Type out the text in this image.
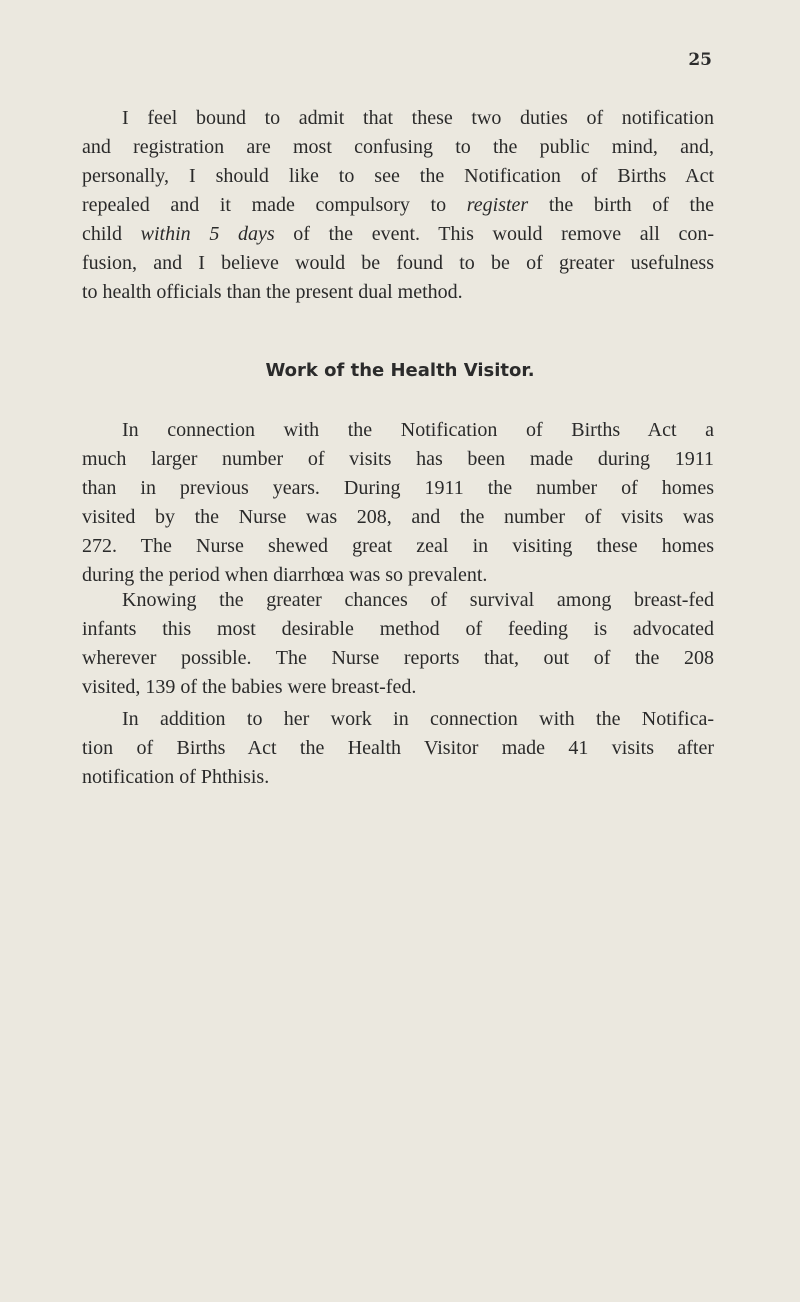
25
I feel bound to admit that these two duties of notification
and registration are most confusing to the public mind, and,
personally, I should like to see the Notification of Births Act
repealed and it made compulsory to register the birth of the
child within 5 days of the event. This would remove all con-
fusion, and I believe would be found to be of greater usefulness
to health officials than the present dual method.
Work of the Health Visitor.
In connection with the Notification of Births Act a
much larger number of visits has been made during 1911
than in previous years. During 1911 the number of homes
visited by the Nurse was 208, and the number of visits was
272. The Nurse shewed great zeal in visiting these homes
during the period when diarrhœa was so prevalent.
Knowing the greater chances of survival among breast-fed
infants this most desirable method of feeding is advocated
wherever possible. The Nurse reports that, out of the 208
visited, 139 of the babies were breast-fed.
In addition to her work in connection with the Notifica-
tion of Births Act the Health Visitor made 41 visits after
notification of Phthisis.
